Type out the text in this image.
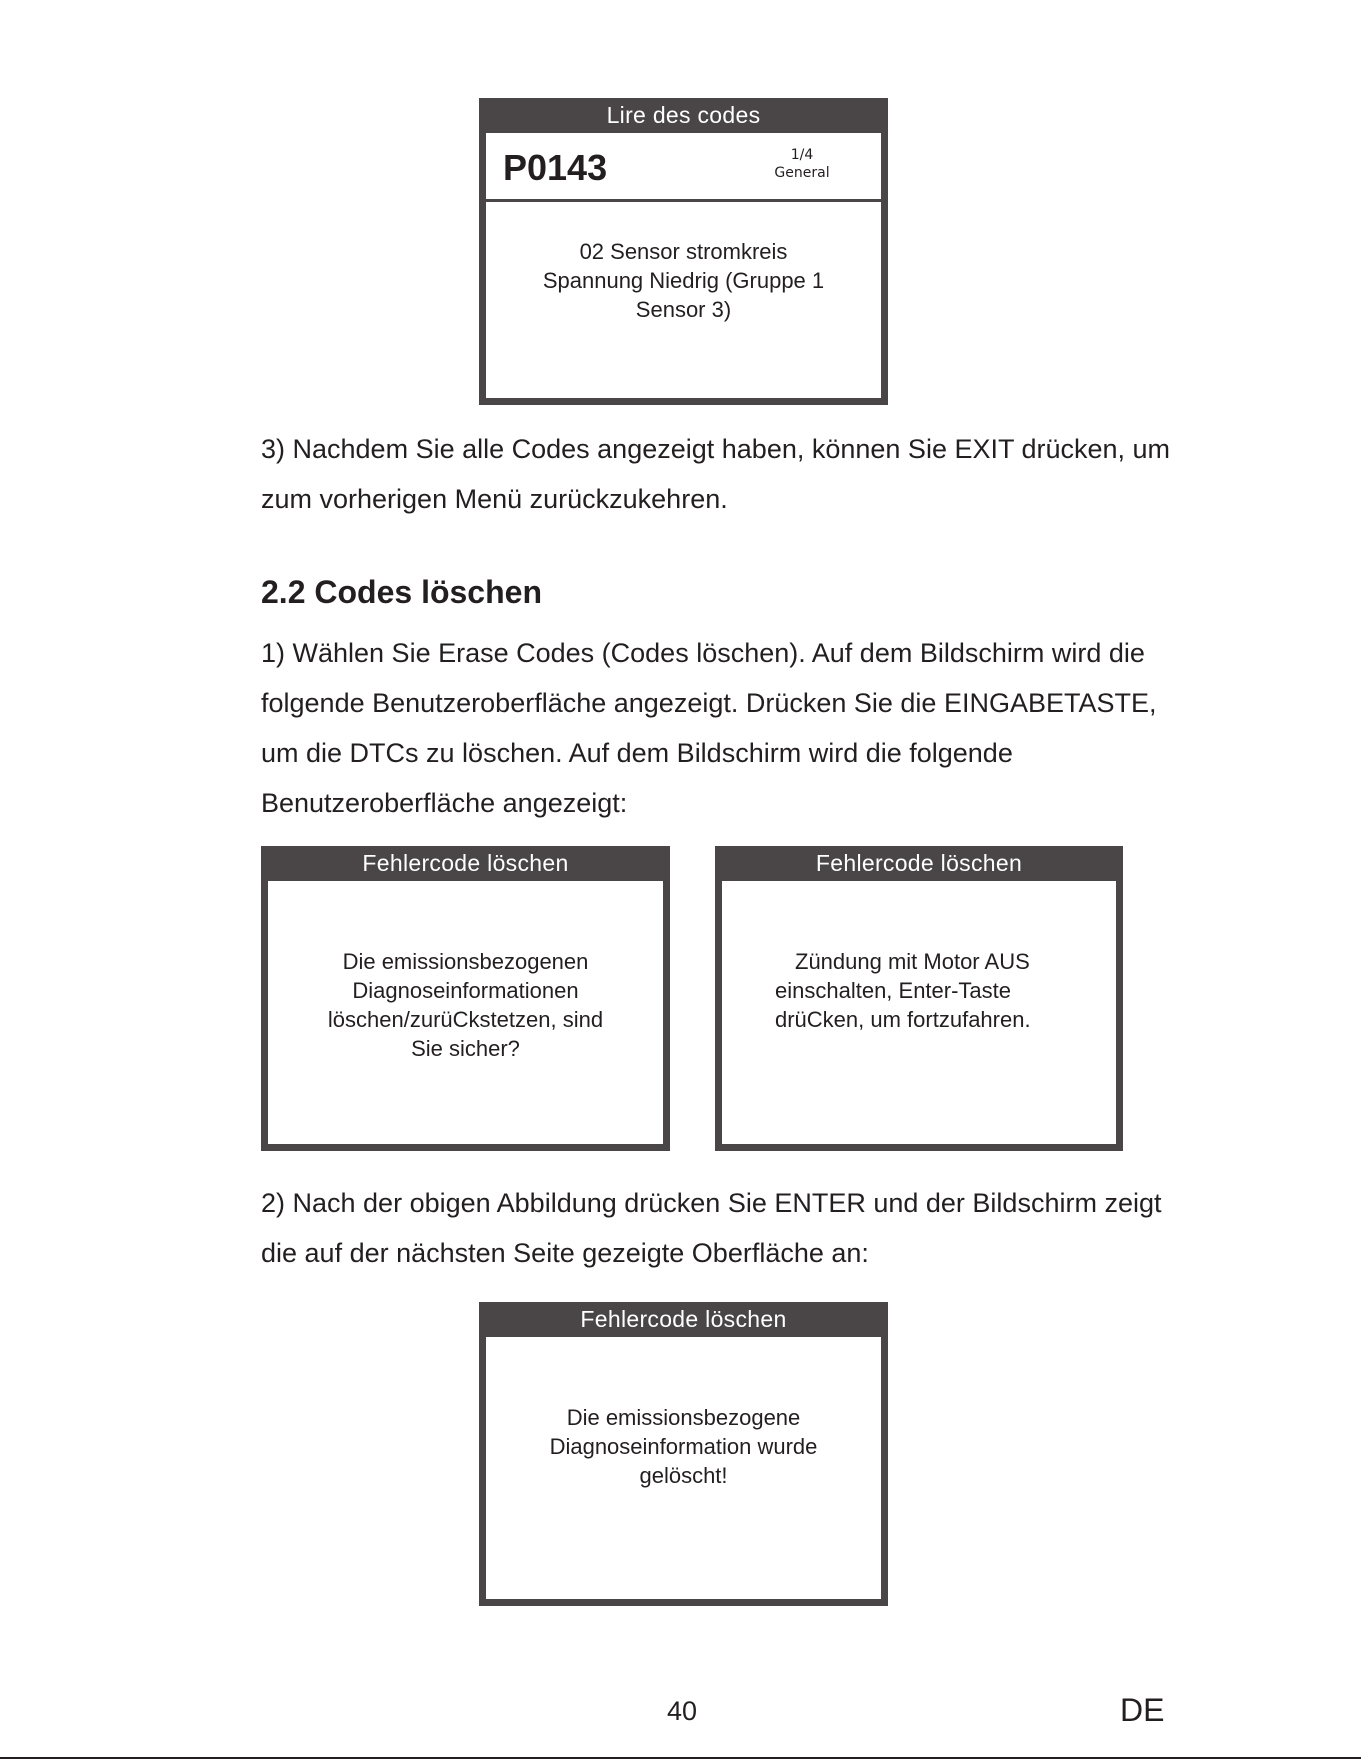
Lire des codes
P0143	1/4
General
02 Sensor stromkreis
Spannung Niedrig (Gruppe 1
Sensor 3)

3) Nachdem Sie alle Codes angezeigt haben, können Sie EXIT drücken, um zum vorherigen Menü zurückzukehren.

2.2 Codes löschen

1) Wählen Sie Erase Codes (Codes löschen). Auf dem Bildschirm wird die folgende Benutzeroberfläche angezeigt. Drücken Sie die EINGABETASTE, um die DTCs zu löschen. Auf dem Bildschirm wird die folgende Benutzeroberfläche angezeigt:

Fehlercode löschen
Die emissionsbezogenen
Diagnoseinformationen
löschen/zurüCkstetzen, sind
Sie sicher?
Fehlercode löschen
Zündung mit Motor AUS
einschalten, Enter-Taste
drüCken, um fortzufahren.

2) Nach der obigen Abbildung drücken Sie ENTER und der Bildschirm zeigt die auf der nächsten Seite gezeigte Oberfläche an:

Fehlercode löschen
Die emissionsbezogene
Diagnoseinformation wurde
gelöscht!
40	DE
